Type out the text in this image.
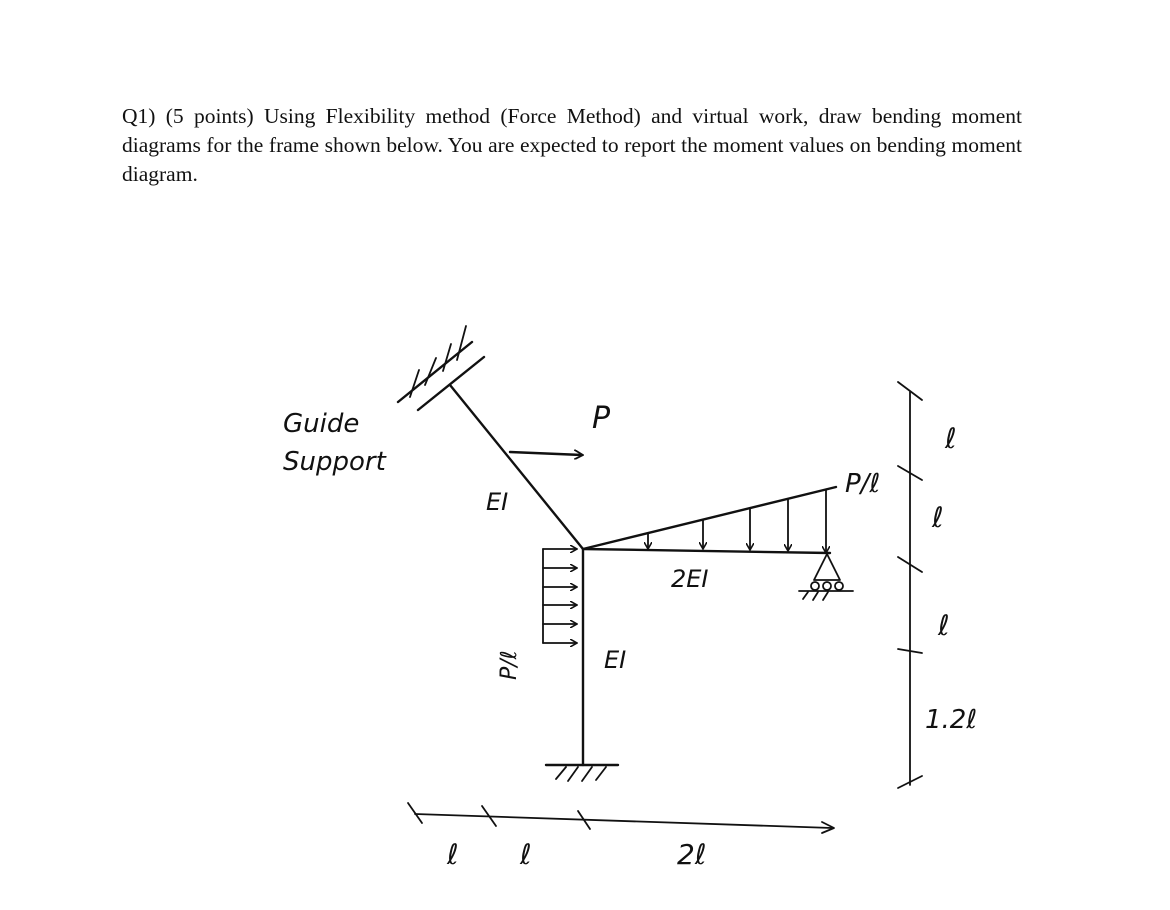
Q1) (5 points) Using Flexibility method (Force Method) and virtual work, draw bending moment diagrams for the frame shown below. You are expected to report the moment values on bending moment diagram.

Guide
Support
P
EI
P/ℓ
2EI
P/ℓ	EI
ℓ ℓ	2ℓ
ℓ
ℓ
ℓ
1.2ℓ
